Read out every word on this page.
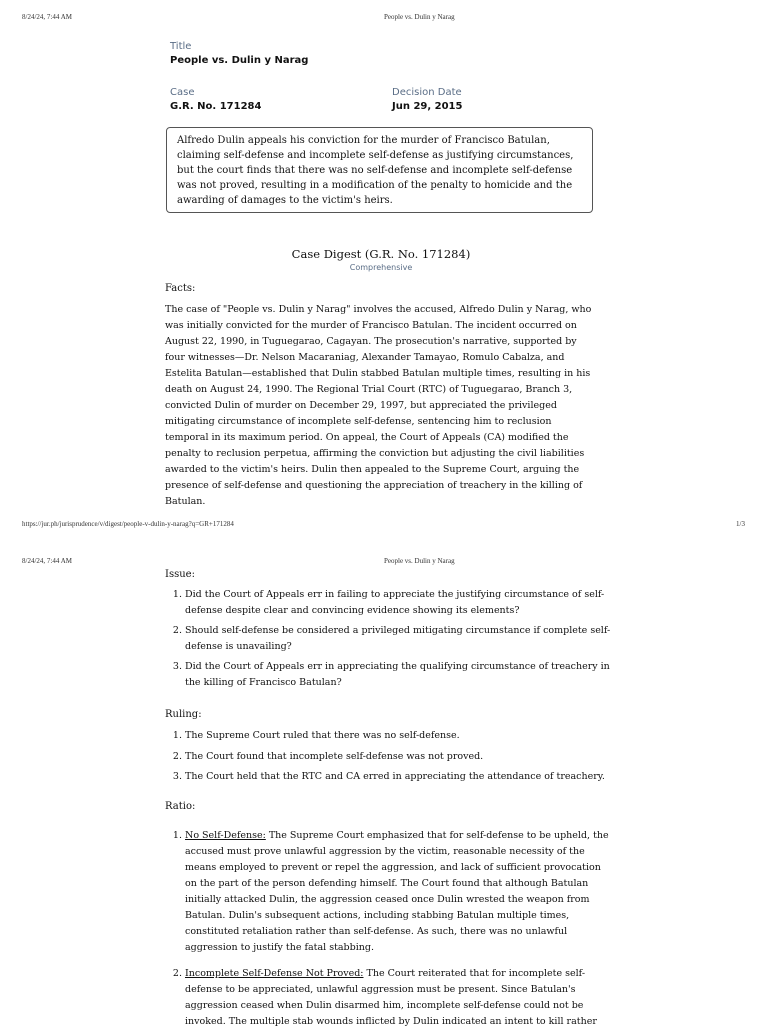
8/24/24, 7:44 AM	People vs. Dulin y Narag
Title
People vs. Dulin y Narag
Case
G.R. No. 171284
Decision Date
Jun 29, 2015
Alfredo Dulin appeals his conviction for the murder of Francisco Batulan, claiming self-defense and incomplete self-defense as justifying circumstances, but the court finds that there was no self-defense and incomplete self-defense was not proved, resulting in a modification of the penalty to homicide and the awarding of damages to the victim's heirs.
Case Digest (G.R. No. 171284)
Comprehensive
Facts:
The case of "People vs. Dulin y Narag" involves the accused, Alfredo Dulin y Narag, who was initially convicted for the murder of Francisco Batulan. The incident occurred on August 22, 1990, in Tuguegarao, Cagayan. The prosecution's narrative, supported by four witnesses—Dr. Nelson Macaraniag, Alexander Tamayao, Romulo Cabalza, and Estelita Batulan—established that Dulin stabbed Batulan multiple times, resulting in his death on August 24, 1990. The Regional Trial Court (RTC) of Tuguegarao, Branch 3, convicted Dulin of murder on December 29, 1997, but appreciated the privileged mitigating circumstance of incomplete self-defense, sentencing him to reclusion temporal in its maximum period. On appeal, the Court of Appeals (CA) modified the penalty to reclusion perpetua, affirming the conviction but adjusting the civil liabilities awarded to the victim's heirs. Dulin then appealed to the Supreme Court, arguing the presence of self-defense and questioning the appreciation of treachery in the killing of Batulan.
https://jur.ph/jurisprudence/v/digest/people-v-dulin-y-narag?q=GR+171284	1/3
8/24/24, 7:44 AM	People vs. Dulin y Narag
Issue:
1. Did the Court of Appeals err in failing to appreciate the justifying circumstance of self-defense despite clear and convincing evidence showing its elements?
2. Should self-defense be considered a privileged mitigating circumstance if complete self-defense is unavailing?
3. Did the Court of Appeals err in appreciating the qualifying circumstance of treachery in the killing of Francisco Batulan?
Ruling:
1. The Supreme Court ruled that there was no self-defense.
2. The Court found that incomplete self-defense was not proved.
3. The Court held that the RTC and CA erred in appreciating the attendance of treachery.
Ratio:
1. No Self-Defense: The Supreme Court emphasized that for self-defense to be upheld, the accused must prove unlawful aggression by the victim, reasonable necessity of the means employed to prevent or repel the aggression, and lack of sufficient provocation on the part of the person defending himself. The Court found that although Batulan initially attacked Dulin, the aggression ceased once Dulin wrested the weapon from Batulan. Dulin's subsequent actions, including stabbing Batulan multiple times, constituted retaliation rather than self-defense. As such, there was no unlawful aggression to justify the fatal stabbing.
2. Incomplete Self-Defense Not Proved: The Court reiterated that for incomplete self-defense to be appreciated, unlawful aggression must be present. Since Batulan's aggression ceased when Dulin disarmed him, incomplete self-defense could not be invoked. The multiple stab wounds inflicted by Dulin indicated an intent to kill rather
